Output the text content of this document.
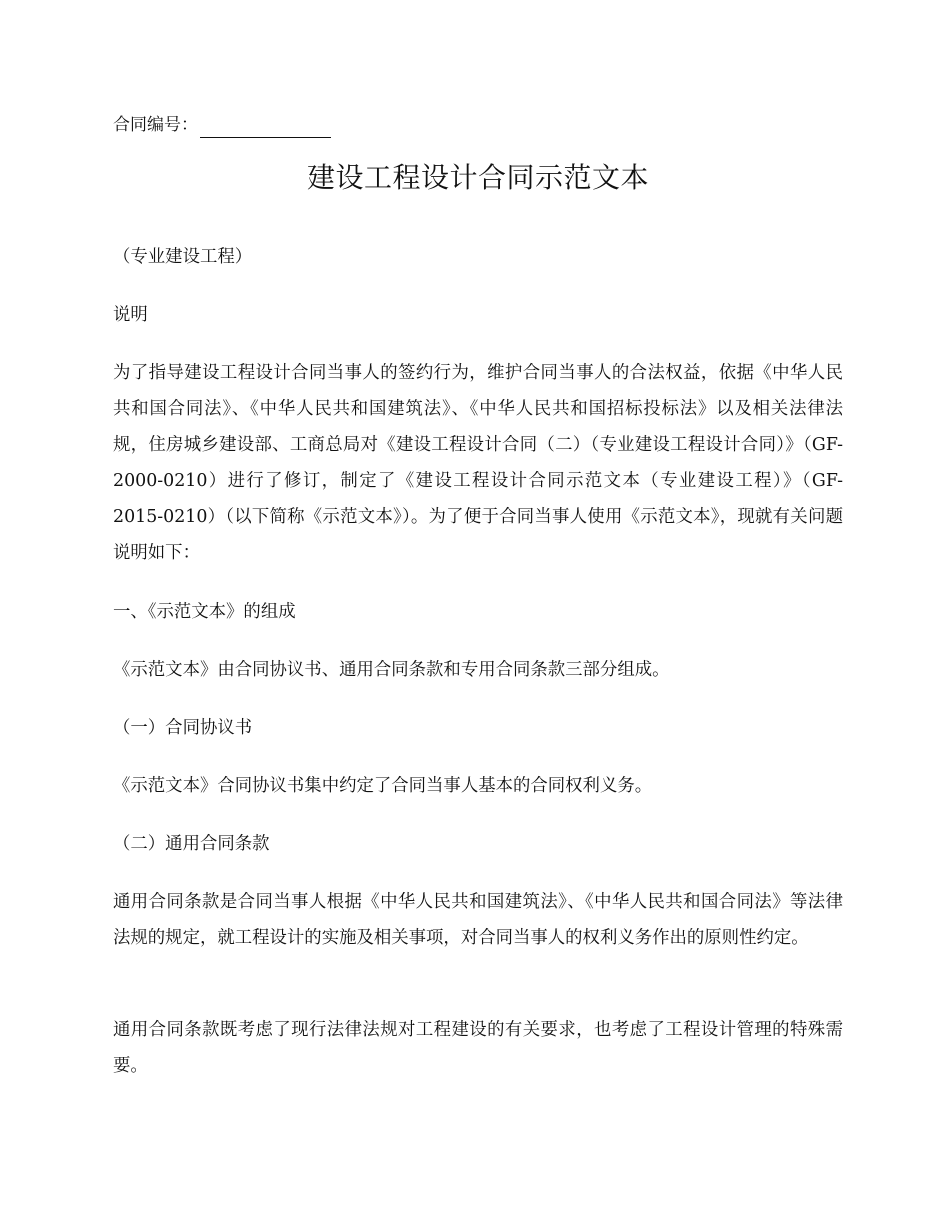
合同编号：
建设工程设计合同示范文本

（专业建设工程）

说明

为了指导建设工程设计合同当事人的签约行为，维护合同当事人的合法权益，依据《中华人民共和国合同法》、《中华人民共和国建筑法》、《中华人民共和国招标投标法》以及相关法律法规，住房城乡建设部、工商总局对《建设工程设计合同（二）（专业建设工程设计合同）》（GF-2000-0210）进行了修订，制定了《建设工程设计合同示范文本（专业建设工程）》（GF-2015-0210）（以下简称《示范文本》）。为了便于合同当事人使用《示范文本》，现就有关问题说明如下：

一、《示范文本》的组成

《示范文本》由合同协议书、通用合同条款和专用合同条款三部分组成。

（一）合同协议书

《示范文本》合同协议书集中约定了合同当事人基本的合同权利义务。

（二）通用合同条款

通用合同条款是合同当事人根据《中华人民共和国建筑法》、《中华人民共和国合同法》等法律法规的规定，就工程设计的实施及相关事项，对合同当事人的权利义务作出的原则性约定。

通用合同条款既考虑了现行法律法规对工程建设的有关要求，也考虑了工程设计管理的特殊需要。
